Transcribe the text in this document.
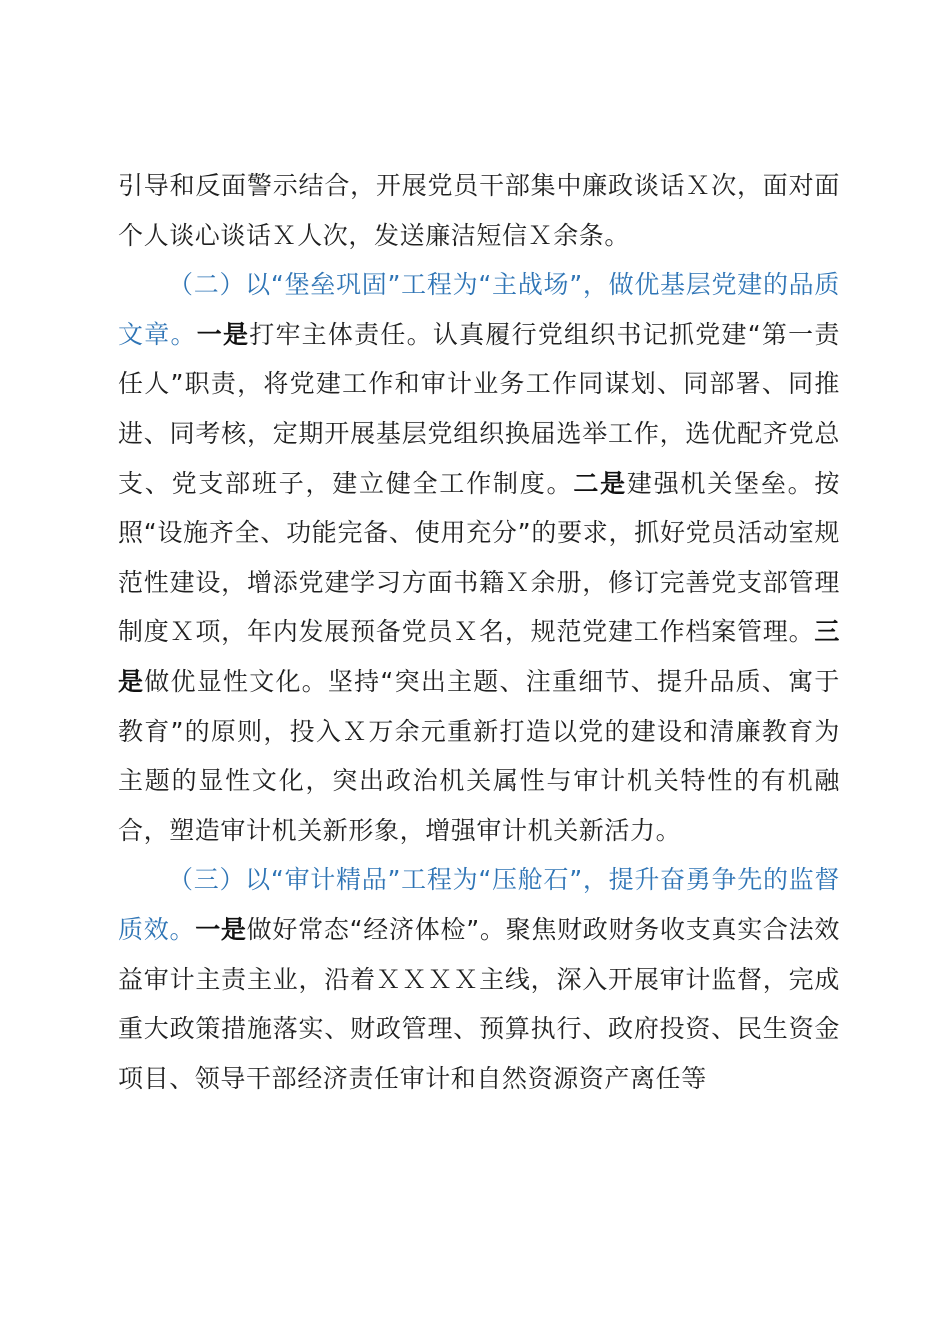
引导和反面警示结合，开展党员干部集中廉政谈话Ｘ次，面对面个人谈心谈话Ｘ人次，发送廉洁短信Ｘ余条。

（二）以“堡垒巩固”工程为“主战场”，做优基层党建的品质文章。一是打牢主体责任。认真履行党组织书记抓党建“第一责任人”职责，将党建工作和审计业务工作同谋划、同部署、同推进、同考核，定期开展基层党组织换届选举工作，选优配齐党总支、党支部班子，建立健全工作制度。二是建强机关堡垒。按照“设施齐全、功能完备、使用充分”的要求，抓好党员活动室规范性建设，增添党建学习方面书籍Ｘ余册，修订完善党支部管理制度Ｘ项，年内发展预备党员Ｘ名，规范党建工作档案管理。三是做优显性文化。坚持“突出主题、注重细节、提升品质、寓于教育”的原则，投入Ｘ万余元重新打造以党的建设和清廉教育为主题的显性文化，突出政治机关属性与审计机关特性的有机融合，塑造审计机关新形象，增强审计机关新活力。

（三）以“审计精品”工程为“压舱石”，提升奋勇争先的监督质效。一是做好常态“经济体检”。聚焦财政财务收支真实合法效益审计主责主业，沿着ＸＸＸＸ主线，深入开展审计监督，完成重大政策措施落实、财政管理、预算执行、政府投资、民生资金项目、领导干部经济责任审计和自然资源资产离任等
